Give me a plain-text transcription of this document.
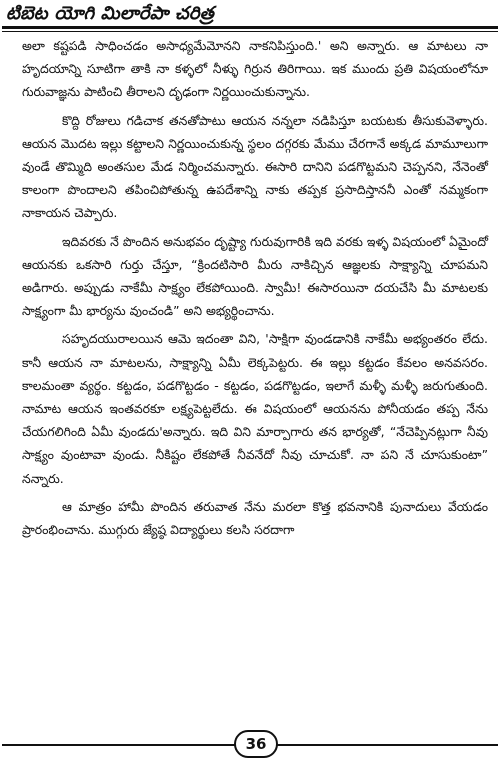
టిబెట యోగి మిలారేపా చరిత్ర

అలా కష్టపడి సాధించడం అసాధ్యమేమోనని నాకనిపిస్తుంది.' అని అన్నారు. ఆ మాటలు నా హృదయాన్ని సూటిగా తాకి నా కళ్ళలో నీళ్ళు గిర్రున తిరిగాయి. ఇక ముందు ప్రతి విషయంలోనూ గురువాజ్ఞను పాటించి తీరాలని దృఢంగా నిర్ణయించుకున్నాను.

కొద్ది రోజులు గడిచాక తనతోపాటు ఆయన నన్నలా నడిపిస్తూ బయటకు తీసుకువెళ్ళారు. ఆయన మొదట ఇల్లు కట్టాలని నిర్ణయించుకున్న స్థలం దగ్గరకు మేము చేరగానే అక్కడ మామూలుగా వుండే తొమ్మిది అంతసుల మేడ నిర్మించమన్నారు. ఈసారి దానిని పడగొట్టమని చెప్పనని, నేనెంతో కాలంగా పొందాలని తపించిపోతున్న ఉపదేశాన్ని నాకు తప్పక ప్రసాదిస్తాననీ ఎంతో నమ్మకంగా నాకాయన చెప్పారు.

ఇదివరకు నే పొందిన అనుభవం దృష్ట్యా గురువుగారికి ఇది వరకు ఇళ్ళ విషయంలో ఏమైందో ఆయనకు ఒకసారి గుర్తు చేస్తూ, “క్రిందటిసారి మీరు నాకిచ్చిన ఆజ్ఞలకు సాక్ష్యాన్ని చూపమని అడిగారు. అప్పుడు నాకేమీ సాక్ష్యం లేకపోయింది. స్వామీ! ఈసారయినా దయచేసి మీ మాటలకు సాక్ష్యంగా మీ భార్యను వుంచండి” అని అభ్యర్థించాను.

సహృదయురాలయిన ఆమె ఇదంతా విని, 'సాక్షిగా వుండడానికి నాకేమీ అభ్యంతరం లేదు. కానీ ఆయన నా మాటలను, సాక్ష్యాన్ని ఏమీ లెక్కపెట్టరు. ఈ ఇల్లు కట్టడం కేవలం అనవసరం. కాలమంతా వ్యర్థం. కట్టడం, పడగొట్టడం - కట్టడం, పడగొట్టడం, ఇలాగే మళ్ళీ మళ్ళీ జరుగుతుంది. నామాట ఆయన ఇంతవరకూ లక్ష్యపెట్టలేదు. ఈ విషయంలో ఆయనను పోనీయడం తప్ప నేను చేయగలిగింది ఏమీ వుండదు'అన్నారు. ఇది విని మార్పాగారు తన భార్యతో, “నేచెప్పినట్లుగా నీవు సాక్ష్యం వుంటావా వుండు. నీకిష్టం లేకపోతే నీవనేదో నీవు చూచుకో. నా పని నే చూసుకుంటా” నన్నారు.

ఆ మాత్రం హామీ పొందిన తరువాత నేను మరలా కొత్త భవనానికి పునాదులు వేయడం ప్రారంభించాను. ముగ్గురు జ్యేష్ఠ విద్యార్థులు కలసి సరదాగా

36
